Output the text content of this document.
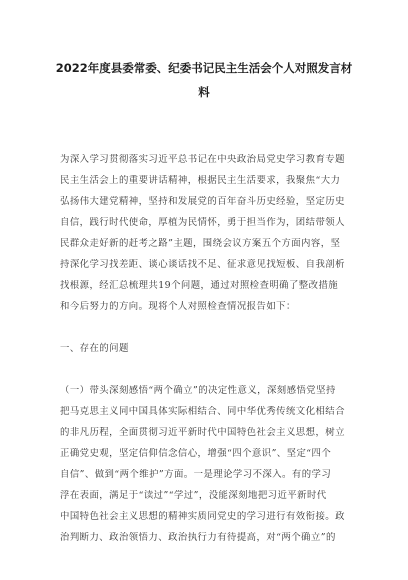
2022年度县委常委、纪委书记民主生活会个人对照发言材
料
为深入学习贯彻落实习近平总书记在中央政治局党史学习教育专题
民主生活会上的重要讲话精神，根据民主生活要求，我聚焦“大力
弘扬伟大建党精神，坚持和发展党的百年奋斗历史经验，坚定历史
自信，践行时代使命，厚植为民情怀，勇于担当作为，团结带领人
民群众走好新的赶考之路”主题，围绕会议方案五个方面内容，坚
持深化学习找差距、谈心谈话找不足、征求意见找短板、自我剖析
找根源，经汇总梳理共19个问题，通过对照检查明确了整改措施
和今后努力的方向。现将个人对照检查情况报告如下：
一、存在的问题
（一）带头深刻感悟“两个确立”的决定性意义，深刻感悟党坚持
把马克思主义同中国具体实际相结合、同中华优秀传统文化相结合
的非凡历程，全面贯彻习近平新时代中国特色社会主义思想，树立
正确党史观，坚定信仰信念信心，增强“四个意识”、坚定“四个
自信”、做到“两个维护”方面。一是理论学习不深入。有的学习
浮在表面，满足于“读过”“学过”，没能深刻地把习近平新时代
中国特色社会主义思想的精神实质同党史的学习进行有效衔接。政
治判断力、政治领悟力、政治执行力有待提高，对“两个确立”的
